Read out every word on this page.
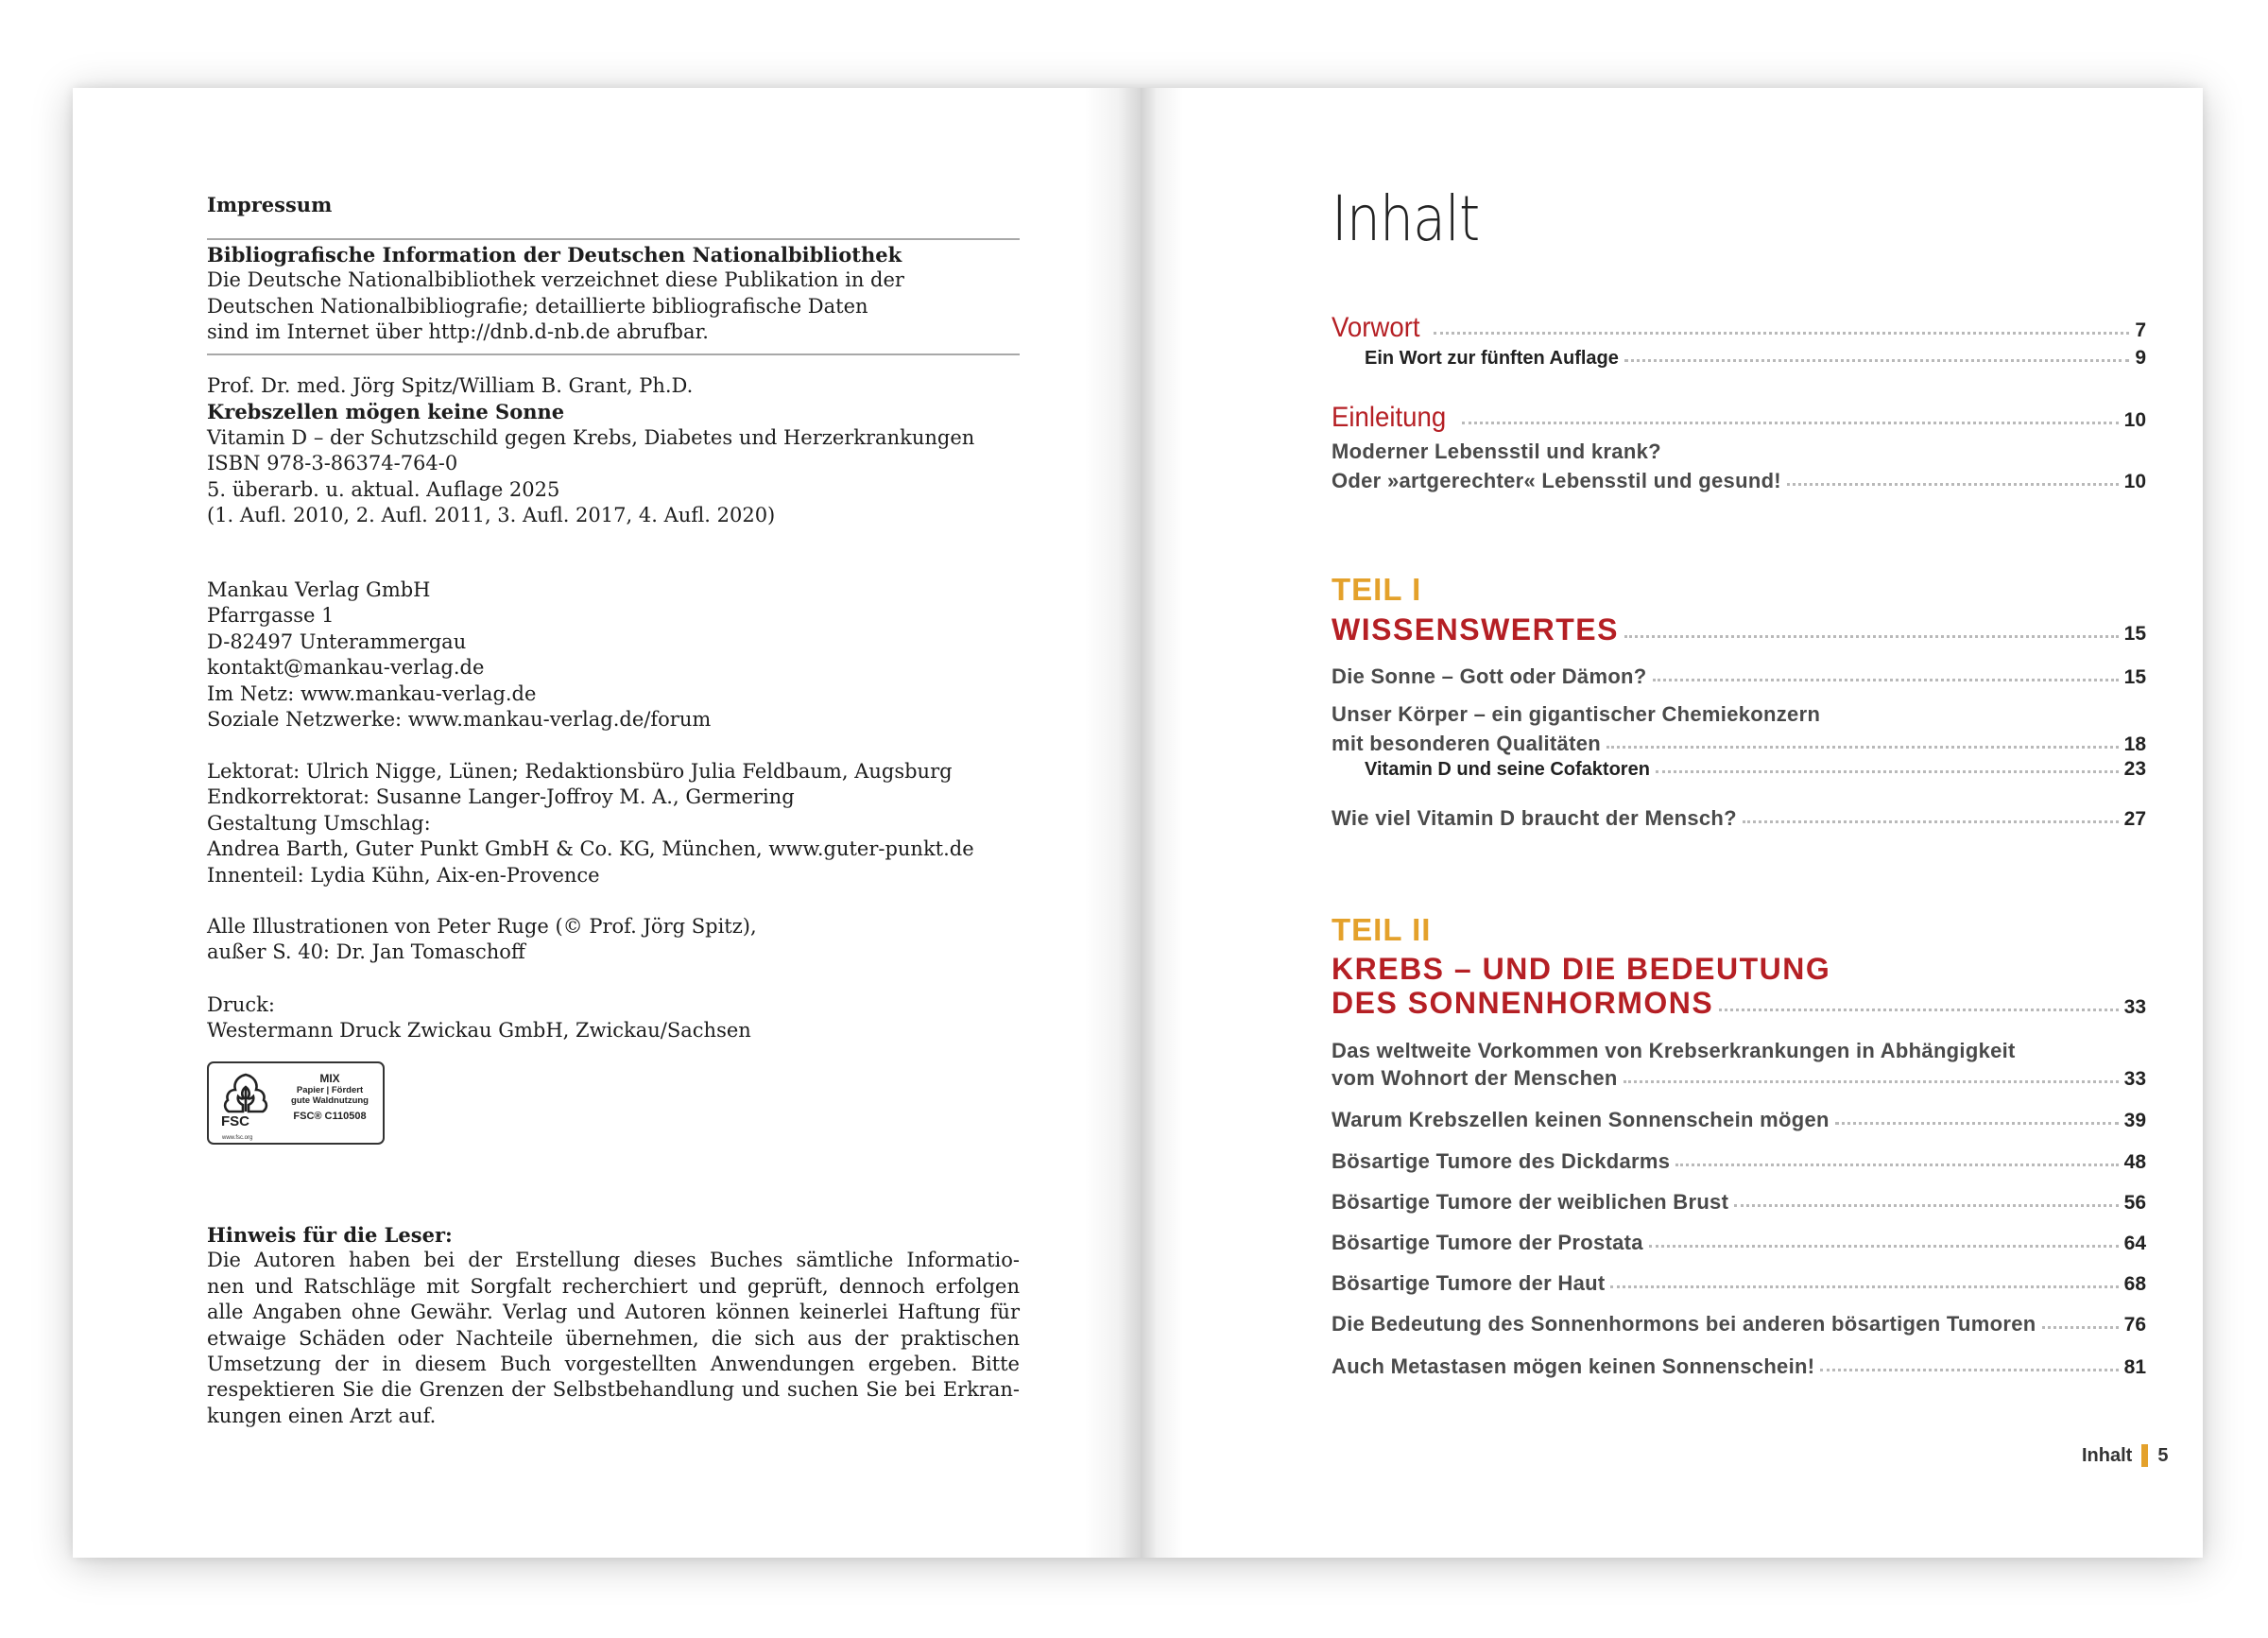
Impressum
Bibliografische Information der Deutschen Nationalbibliothek
Die Deutsche Nationalbibliothek verzeichnet diese Publikation in der
Deutschen Nationalbibliografie; detaillierte bibliografische Daten
sind im Internet über http://dnb.d-nb.de abrufbar.
Prof. Dr. med. Jörg Spitz/William B. Grant, Ph.D.
Krebszellen mögen keine Sonne
Vitamin D – der Schutzschild gegen Krebs, Diabetes und Herzerkrankungen
ISBN 978-3-86374-764-0
5. überarb. u. aktual. Auflage 2025
(1. Aufl. 2010, 2. Aufl. 2011, 3. Aufl. 2017, 4. Aufl. 2020)
Mankau Verlag GmbH
Pfarrgasse 1
D-82497 Unterammergau
kontakt@mankau-verlag.de
Im Netz: www.mankau-verlag.de
Soziale Netzwerke: www.mankau-verlag.de/forum
Lektorat: Ulrich Nigge, Lünen; Redaktionsbüro Julia Feldbaum, Augsburg
Endkorrektorat: Susanne Langer-Joffroy M. A., Germering
Gestaltung Umschlag:
Andrea Barth, Guter Punkt GmbH & Co. KG, München, www.guter-punkt.de
Innenteil: Lydia Kühn, Aix-en-Provence
Alle Illustrationen von Peter Ruge (© Prof. Jörg Spitz),
außer S. 40: Dr. Jan Tomaschoff
Druck:
Westermann Druck Zwickau GmbH, Zwickau/Sachsen
FSC
www.fsc.org
MIX
Papier | Fördert
gute Waldnutzung
FSC® C110508
Hinweis für die Leser:
Die Autoren haben bei der Erstellung dieses Buches sämtliche Informatio-
nen und Ratschläge mit Sorgfalt recherchiert und geprüft, dennoch erfolgen
alle Angaben ohne Gewähr. Verlag und Autoren können keinerlei Haftung für
etwaige Schäden oder Nachteile übernehmen, die sich aus der praktischen
Umsetzung der in diesem Buch vorgestellten Anwendungen ergeben. Bitte
respektieren Sie die Grenzen der Selbstbehandlung und suchen Sie bei Erkran-
kungen einen Arzt auf.
Inhalt
Vorwort	7
Ein Wort zur fünften Auflage	9
Einleitung	10
Moderner Lebensstil und krank?
Oder »artgerechter« Lebensstil und gesund!	10
TEIL I
WISSENSWERTES	15
Die Sonne – Gott oder Dämon?	15
Unser Körper – ein gigantischer Chemiekonzern
mit besonderen Qualitäten	18
Vitamin D und seine Cofaktoren	23
Wie viel Vitamin D braucht der Mensch?	27
TEIL II
KREBS – UND DIE BEDEUTUNG
DES SONNENHORMONS	33
Das weltweite Vorkommen von Krebserkrankungen in Abhängigkeit
vom Wohnort der Menschen	33
Warum Krebszellen keinen Sonnenschein mögen	39
Bösartige Tumore des Dickdarms	48
Bösartige Tumore der weiblichen Brust	56
Bösartige Tumore der Prostata	64
Bösartige Tumore der Haut	68
Die Bedeutung des Sonnenhormons bei anderen bösartigen Tumoren	76
Auch Metastasen mögen keinen Sonnenschein!	81
Inhalt 5
